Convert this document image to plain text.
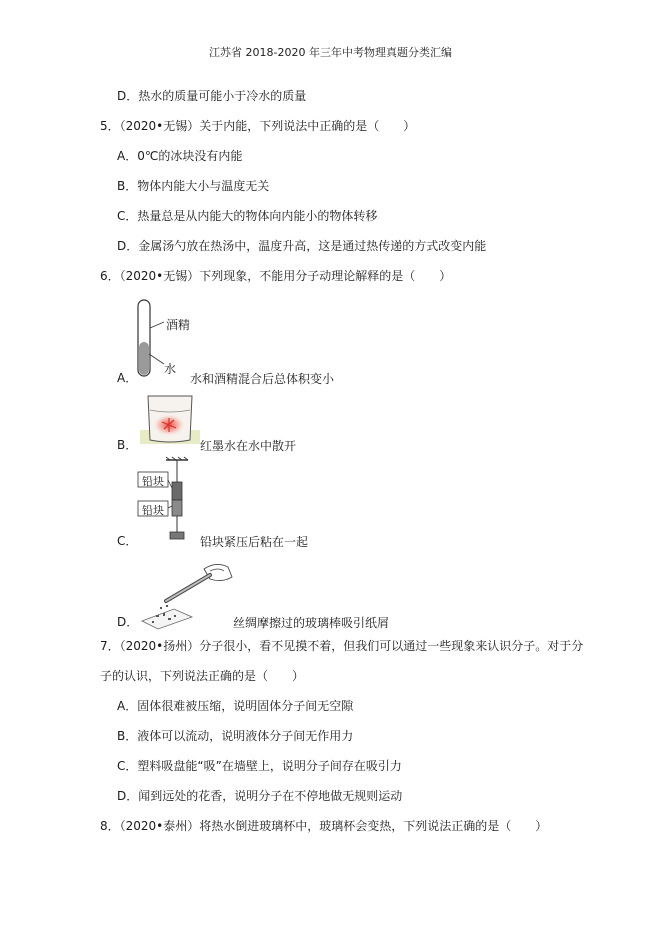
江苏省 2018-2020 年三年中考物理真题分类汇编
D．热水的质量可能小于冷水的质量
5．（2020•无锡）关于内能，下列说法中正确的是（　　）
A．0℃的冰块没有内能
B．物体内能大小与温度无关
C．热量总是从内能大的物体向内能小的物体转移
D．金属汤勺放在热汤中，温度升高，这是通过热传递的方式改变内能
6．（2020•无锡）下列现象，不能用分子动理论解释的是（　　）
A．
酒精
水
水和酒精混合后总体积变小
B．	红墨水在水中散开
C．
铅块
铅块
铅块紧压后粘在一起
D．	丝绸摩擦过的玻璃棒吸引纸屑
7．（2020•扬州）分子很小，看不见摸不着，但我们可以通过一些现象来认识分子。对于分
子的认识，下列说法正确的是（　　）
A．固体很难被压缩，说明固体分子间无空隙
B．液体可以流动，说明液体分子间无作用力
C．塑料吸盘能“吸”在墙壁上，说明分子间存在吸引力
D．闻到远处的花香，说明分子在不停地做无规则运动
8．（2020•泰州）将热水倒进玻璃杯中，玻璃杯会变热，下列说法正确的是（　　）
